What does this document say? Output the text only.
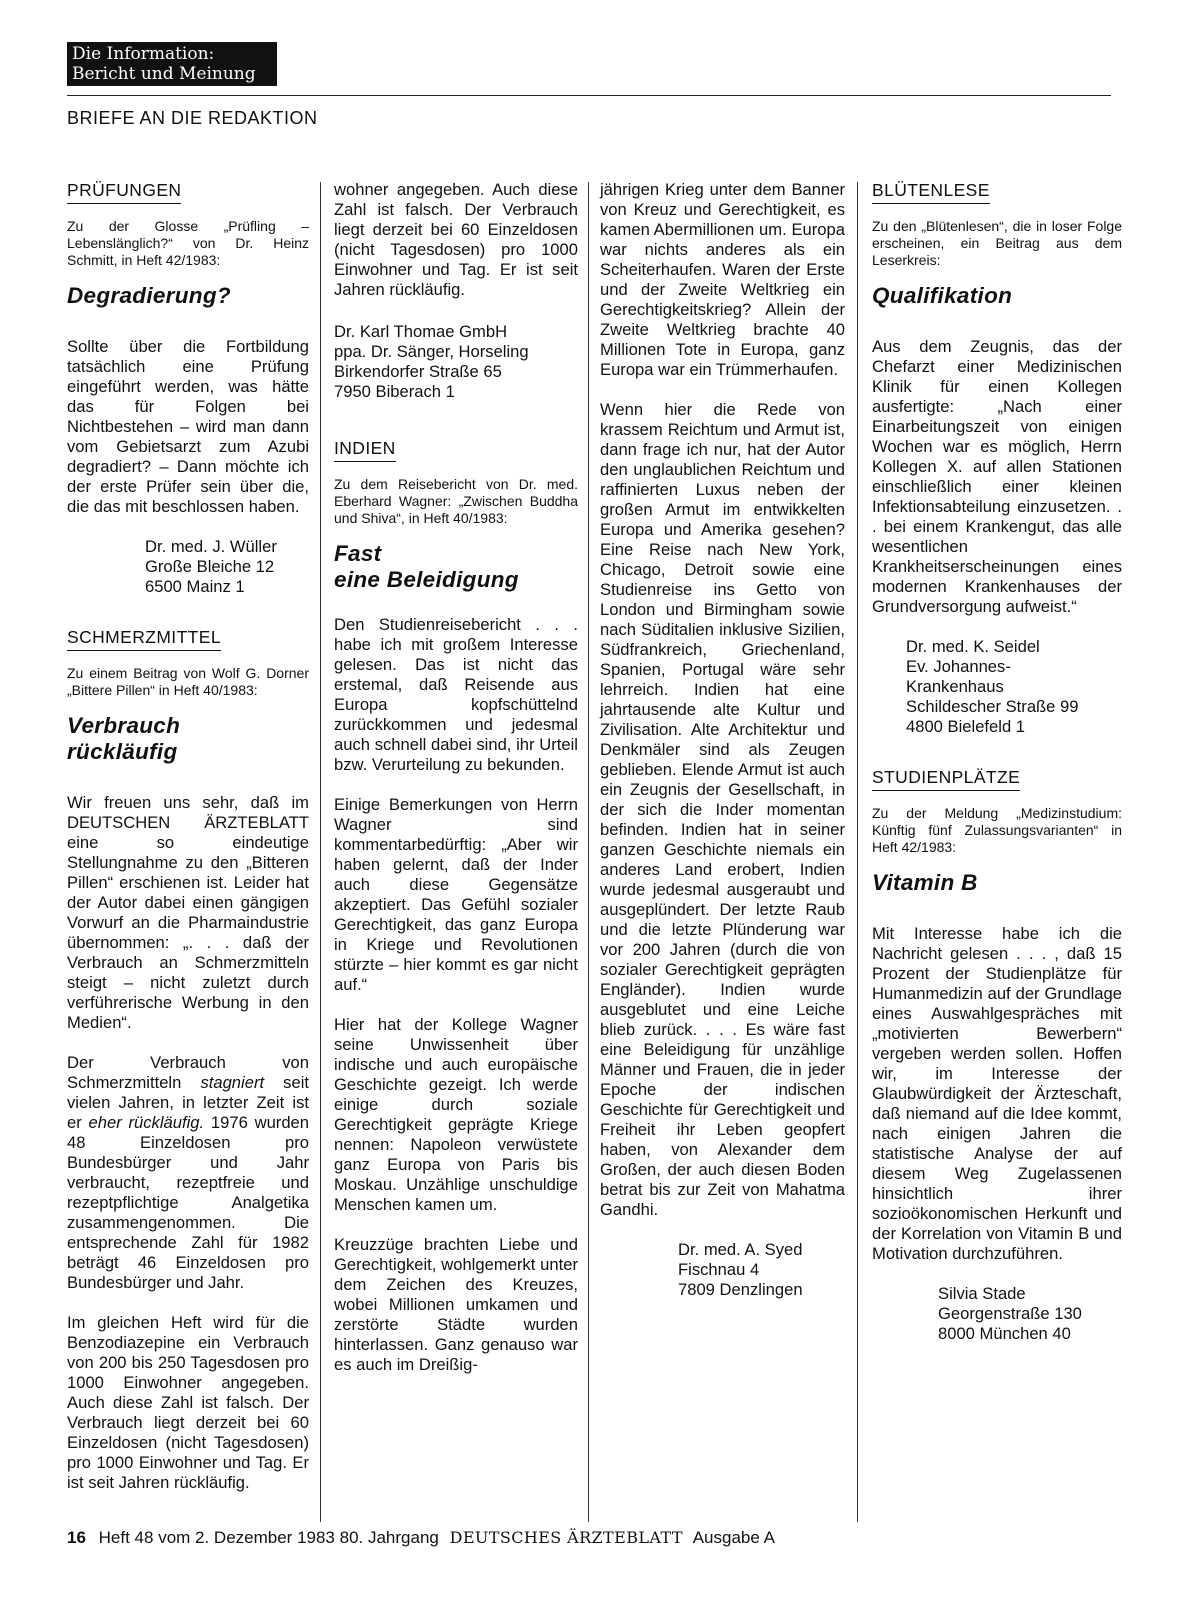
Die Information:
Bericht und Meinung
BRIEFE AN DIE REDAKTION
PRÜFUNGEN
Zu der Glosse „Prüfling – Lebenslänglich?“ von Dr. Heinz Schmitt, in Heft 42/1983:
Degradierung?

Sollte über die Fortbildung tatsächlich eine Prüfung eingeführt werden, was hätte das für Folgen bei Nichtbestehen – wird man dann vom Gebietsarzt zum Azubi degradiert? – Dann möchte ich der erste Prüfer sein über die, die das mit beschlossen haben.

Dr. med. J. Wüller
Große Bleiche 12
6500 Mainz 1
SCHMERZMITTEL
Zu einem Beitrag von Wolf G. Dorner „Bittere Pillen“ in Heft 40/1983:
Verbrauch
rückläufig

Wir freuen uns sehr, daß im DEUTSCHEN ÄRZTEBLATT eine so eindeutige Stellungnahme zu den „Bitteren Pillen“ erschienen ist. Leider hat der Autor dabei einen gängigen Vorwurf an die Pharmaindustrie übernommen: „. . . daß der Verbrauch an Schmerzmitteln steigt – nicht zuletzt durch verführerische Werbung in den Medien“.

Der Verbrauch von Schmerzmitteln stagniert seit vielen Jahren, in letzter Zeit ist er eher rückläufig. 1976 wurden 48 Einzeldosen pro Bundesbürger und Jahr verbraucht, rezeptfreie und rezeptpflichtige Analgetika zusammengenommen. Die entsprechende Zahl für 1982 beträgt 46 Einzeldosen pro Bundesbürger und Jahr.

Im gleichen Heft wird für die Benzodiazepine ein Verbrauch von 200 bis 250 Tagesdosen pro 1000 Einwohner angegeben. Auch diese Zahl ist falsch. Der Verbrauch liegt derzeit bei 60 Einzeldosen (nicht Tagesdosen) pro 1000 Einwohner und Tag. Er ist seit Jahren rückläufig.

wohner angegeben. Auch diese Zahl ist falsch. Der Verbrauch liegt derzeit bei 60 Einzeldosen (nicht Tagesdosen) pro 1000 Einwohner und Tag. Er ist seit Jahren rückläufig.

Dr. Karl Thomae GmbH
ppa. Dr. Sänger, Horseling
Birkendorfer Straße 65
7950 Biberach 1
INDIEN
Zu dem Reisebericht von Dr. med. Eberhard Wagner: „Zwischen Buddha und Shiva“, in Heft 40/1983:
Fast
eine Beleidigung

Den Studienreisebericht . . . habe ich mit großem Interesse gelesen. Das ist nicht das erstemal, daß Reisende aus Europa kopfschüttelnd zurückkommen und jedesmal auch schnell dabei sind, ihr Urteil bzw. Verurteilung zu bekunden.

Einige Bemerkungen von Herrn Wagner sind kommentarbedürftig: „Aber wir haben gelernt, daß der Inder auch diese Gegensätze akzeptiert. Das Gefühl sozialer Gerechtigkeit, das ganz Europa in Kriege und Revolutionen stürzte – hier kommt es gar nicht auf.“

Hier hat der Kollege Wagner seine Unwissenheit über indische und auch europäische Geschichte gezeigt. Ich werde einige durch soziale Gerechtigkeit geprägte Kriege nennen: Napoleon verwüstete ganz Europa von Paris bis Moskau. Unzählige unschuldige Menschen kamen um.

Kreuzzüge brachten Liebe und Gerechtigkeit, wohlgemerkt unter dem Zeichen des Kreuzes, wobei Millionen umkamen und zerstörte Städte wurden hinterlassen. Ganz genauso war es auch im Dreißig-

jährigen Krieg unter dem Banner von Kreuz und Gerechtigkeit, es kamen Abermillionen um. Europa war nichts anderes als ein Scheiterhaufen. Waren der Erste und der Zweite Weltkrieg ein Gerechtigkeitskrieg? Allein der Zweite Weltkrieg brachte 40 Millionen Tote in Europa, ganz Europa war ein Trümmerhaufen.

Wenn hier die Rede von krassem Reichtum und Armut ist, dann frage ich nur, hat der Autor den unglaublichen Reichtum und raffinierten Luxus neben der großen Armut im entwikkelten Europa und Amerika gesehen? Eine Reise nach New York, Chicago, Detroit sowie eine Studienreise ins Getto von London und Birmingham sowie nach Süditalien inklusive Sizilien, Südfrankreich, Griechenland, Spanien, Portugal wäre sehr lehrreich. Indien hat eine jahrtausende alte Kultur und Zivilisation. Alte Architektur und Denkmäler sind als Zeugen geblieben. Elende Armut ist auch ein Zeugnis der Gesellschaft, in der sich die Inder momentan befinden. Indien hat in seiner ganzen Geschichte niemals ein anderes Land erobert, Indien wurde jedesmal ausgeraubt und ausgeplündert. Der letzte Raub und die letzte Plünderung war vor 200 Jahren (durch die von sozialer Gerechtigkeit geprägten Engländer). Indien wurde ausgeblutet und eine Leiche blieb zurück. . . . Es wäre fast eine Beleidigung für unzählige Männer und Frauen, die in jeder Epoche der indischen Geschichte für Gerechtigkeit und Freiheit ihr Leben geopfert haben, von Alexander dem Großen, der auch diesen Boden betrat bis zur Zeit von Mahatma Gandhi.

Dr. med. A. Syed
Fischnau 4
7809 Denzlingen
BLÜTENLESE
Zu den „Blütenlesen“, die in loser Folge erscheinen, ein Beitrag aus dem Leserkreis:
Qualifikation

Aus dem Zeugnis, das der Chefarzt einer Medizinischen Klinik für einen Kollegen ausfertigte: „Nach einer Einarbeitungszeit von einigen Wochen war es möglich, Herrn Kollegen X. auf allen Stationen einschließlich einer kleinen Infektionsabteilung einzusetzen. . . bei einem Krankengut, das alle wesentlichen Krankheitserscheinungen eines modernen Krankenhauses der Grundversorgung aufweist.“

Dr. med. K. Seidel
Ev. Johannes-
Krankenhaus
Schildescher Straße 99
4800 Bielefeld 1
STUDIENPLÄTZE
Zu der Meldung „Medizinstudium: Künftig fünf Zulassungsvarianten“ in Heft 42/1983:
Vitamin B

Mit Interesse habe ich die Nachricht gelesen . . . , daß 15 Prozent der Studienplätze für Humanmedizin auf der Grundlage eines Auswahlgespräches mit „motivierten Bewerbern“ vergeben werden sollen. Hoffen wir, im Interesse der Glaubwürdigkeit der Ärzteschaft, daß niemand auf die Idee kommt, nach einigen Jahren die statistische Analyse der auf diesem Weg Zugelassenen hinsichtlich ihrer sozioökonomischen Herkunft und der Korrelation von Vitamin B und Motivation durchzuführen.

Silvia Stade
Georgenstraße 130
8000 München 40
16 Heft 48 vom 2. Dezember 1983 80. Jahrgang DEUTSCHES ÄRZTEBLATT Ausgabe A
